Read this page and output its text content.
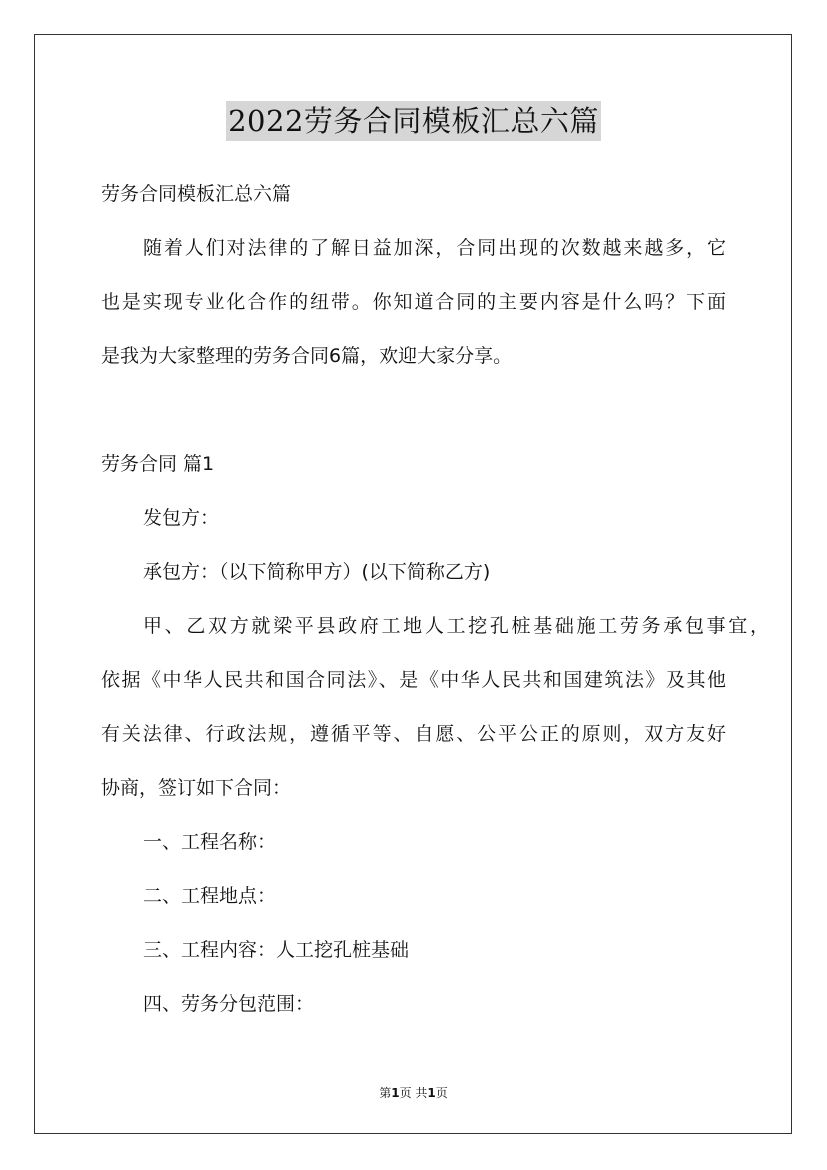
2022劳务合同模板汇总六篇
劳务合同模板汇总六篇
随着人们对法律的了解日益加深，合同出现的次数越来越多，它
也是实现专业化合作的纽带。你知道合同的主要内容是什么吗？下面
是我为大家整理的劳务合同6篇，欢迎大家分享。
劳务合同 篇1
发包方：
承包方：（以下简称甲方）(以下简称乙方)
甲、乙双方就梁平县政府工地人工挖孔桩基础施工劳务承包事宜，
依据《中华人民共和国合同法》、是《中华人民共和国建筑法》及其他
有关法律、行政法规，遵循平等、自愿、公平公正的原则，双方友好
协商，签订如下合同：
一、工程名称：
二、工程地点：
三、工程内容：人工挖孔桩基础
四、劳务分包范围：
第1页 共1页
